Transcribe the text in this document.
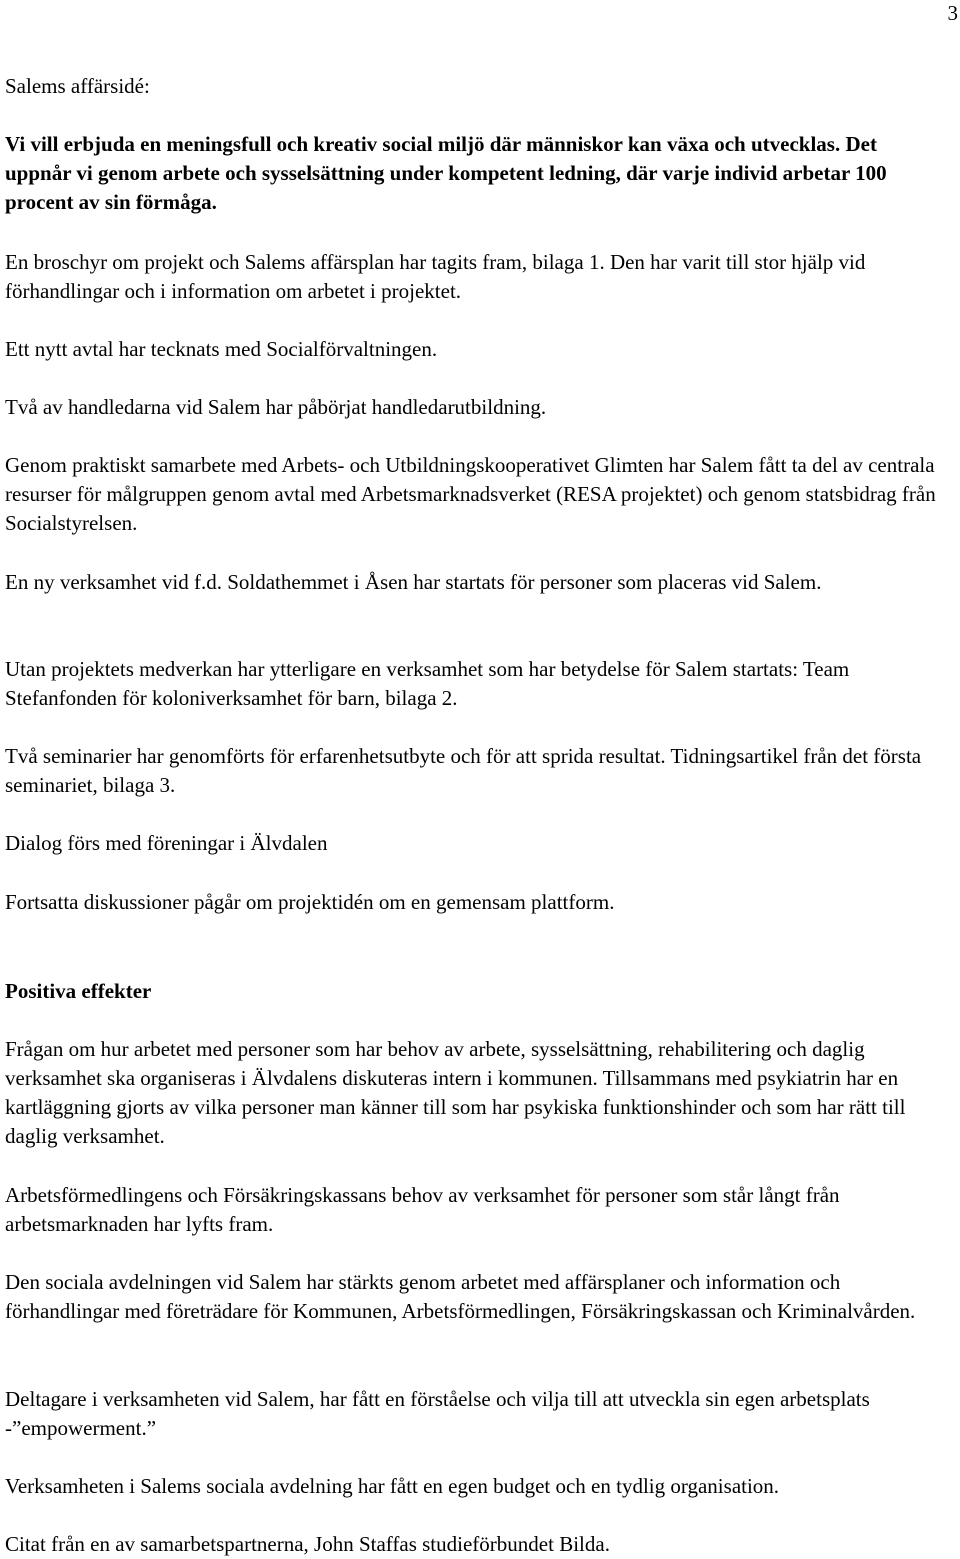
3

Salems affärsidé:

Vi vill erbjuda en meningsfull och kreativ social miljö där människor kan växa och utvecklas. Det uppnår vi genom arbete och sysselsättning under kompetent ledning, där varje individ arbetar 100 procent av sin förmåga.

En broschyr om projekt och Salems affärsplan har tagits fram, bilaga 1. Den har varit till stor hjälp vid förhandlingar och i information om arbetet i projektet.

Ett nytt avtal har tecknats med Socialförvaltningen.

Två av handledarna vid Salem har påbörjat handledarutbildning.

Genom praktiskt samarbete med Arbets- och Utbildningskooperativet Glimten har Salem fått ta del av centrala resurser för målgruppen genom avtal med Arbetsmarknadsverket (RESA projektet) och genom statsbidrag från Socialstyrelsen.

En ny verksamhet vid f.d. Soldathemmet i Åsen har startats för personer som placeras vid Salem.

Utan projektets medverkan har ytterligare en verksamhet som har betydelse för Salem startats: Team Stefanfonden för koloniverksamhet för barn, bilaga 2.

Två seminarier har genomförts för erfarenhetsutbyte och för att sprida resultat. Tidningsartikel från det första seminariet, bilaga 3.

Dialog förs med föreningar i Älvdalen

Fortsatta diskussioner pågår om projektidén om en gemensam plattform.

Positiva effekter

Frågan om hur arbetet med personer som har behov av arbete, sysselsättning, rehabilitering och daglig verksamhet ska organiseras i Älvdalens diskuteras intern i kommunen. Tillsammans med psykiatrin har en kartläggning gjorts av vilka personer man känner till som har psykiska funktionshinder och som har rätt till daglig verksamhet.

Arbetsförmedlingens och Försäkringskassans behov av verksamhet för personer som står långt från arbetsmarknaden har lyfts fram.

Den sociala avdelningen vid Salem har stärkts genom arbetet med affärsplaner och information och förhandlingar med företrädare för Kommunen, Arbetsförmedlingen, Försäkringskassan och Kriminalvården.

Deltagare i verksamheten vid Salem, har fått en förståelse och vilja till att utveckla sin egen arbetsplats -”empowerment.”

Verksamheten i Salems sociala avdelning har fått en egen budget och en tydlig organisation.

Citat från en av samarbetspartnerna, John Staffas studieförbundet Bilda.
